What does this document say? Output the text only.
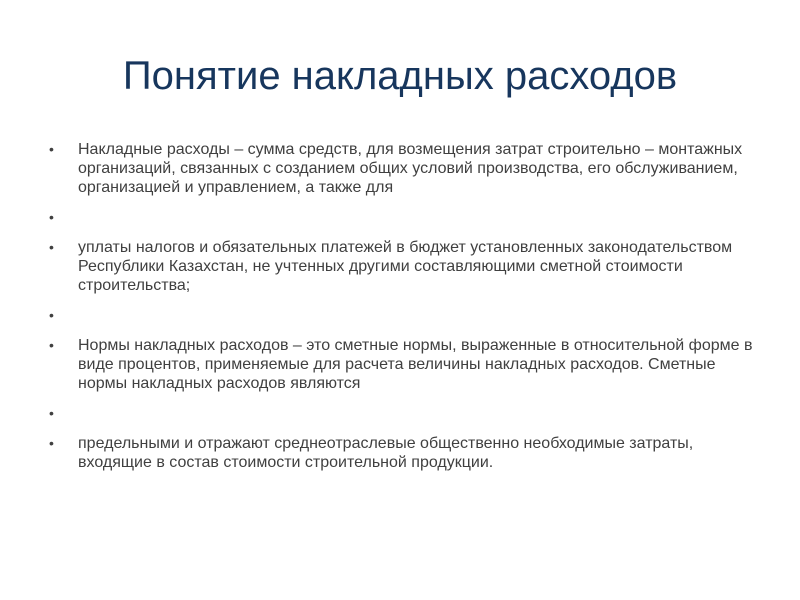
Понятие накладных расходов
• Накладные расходы – сумма средств, для возмещения затрат строительно – монтажных организаций, связанных с созданием общих условий производства, его обслуживанием, организацией и управлением, а также для
•
• уплаты налогов и обязательных платежей в бюджет установленных законодательством Республики Казахстан, не учтенных другими составляющими сметной стоимости строительства;
•
• Нормы накладных расходов – это сметные нормы, выраженные в относительной форме в виде процентов, применяемые для расчета величины накладных расходов. Сметные нормы накладных расходов являются
•
• предельными и отражают среднеотраслевые общественно необходимые затраты, входящие в состав стоимости строительной продукции.
